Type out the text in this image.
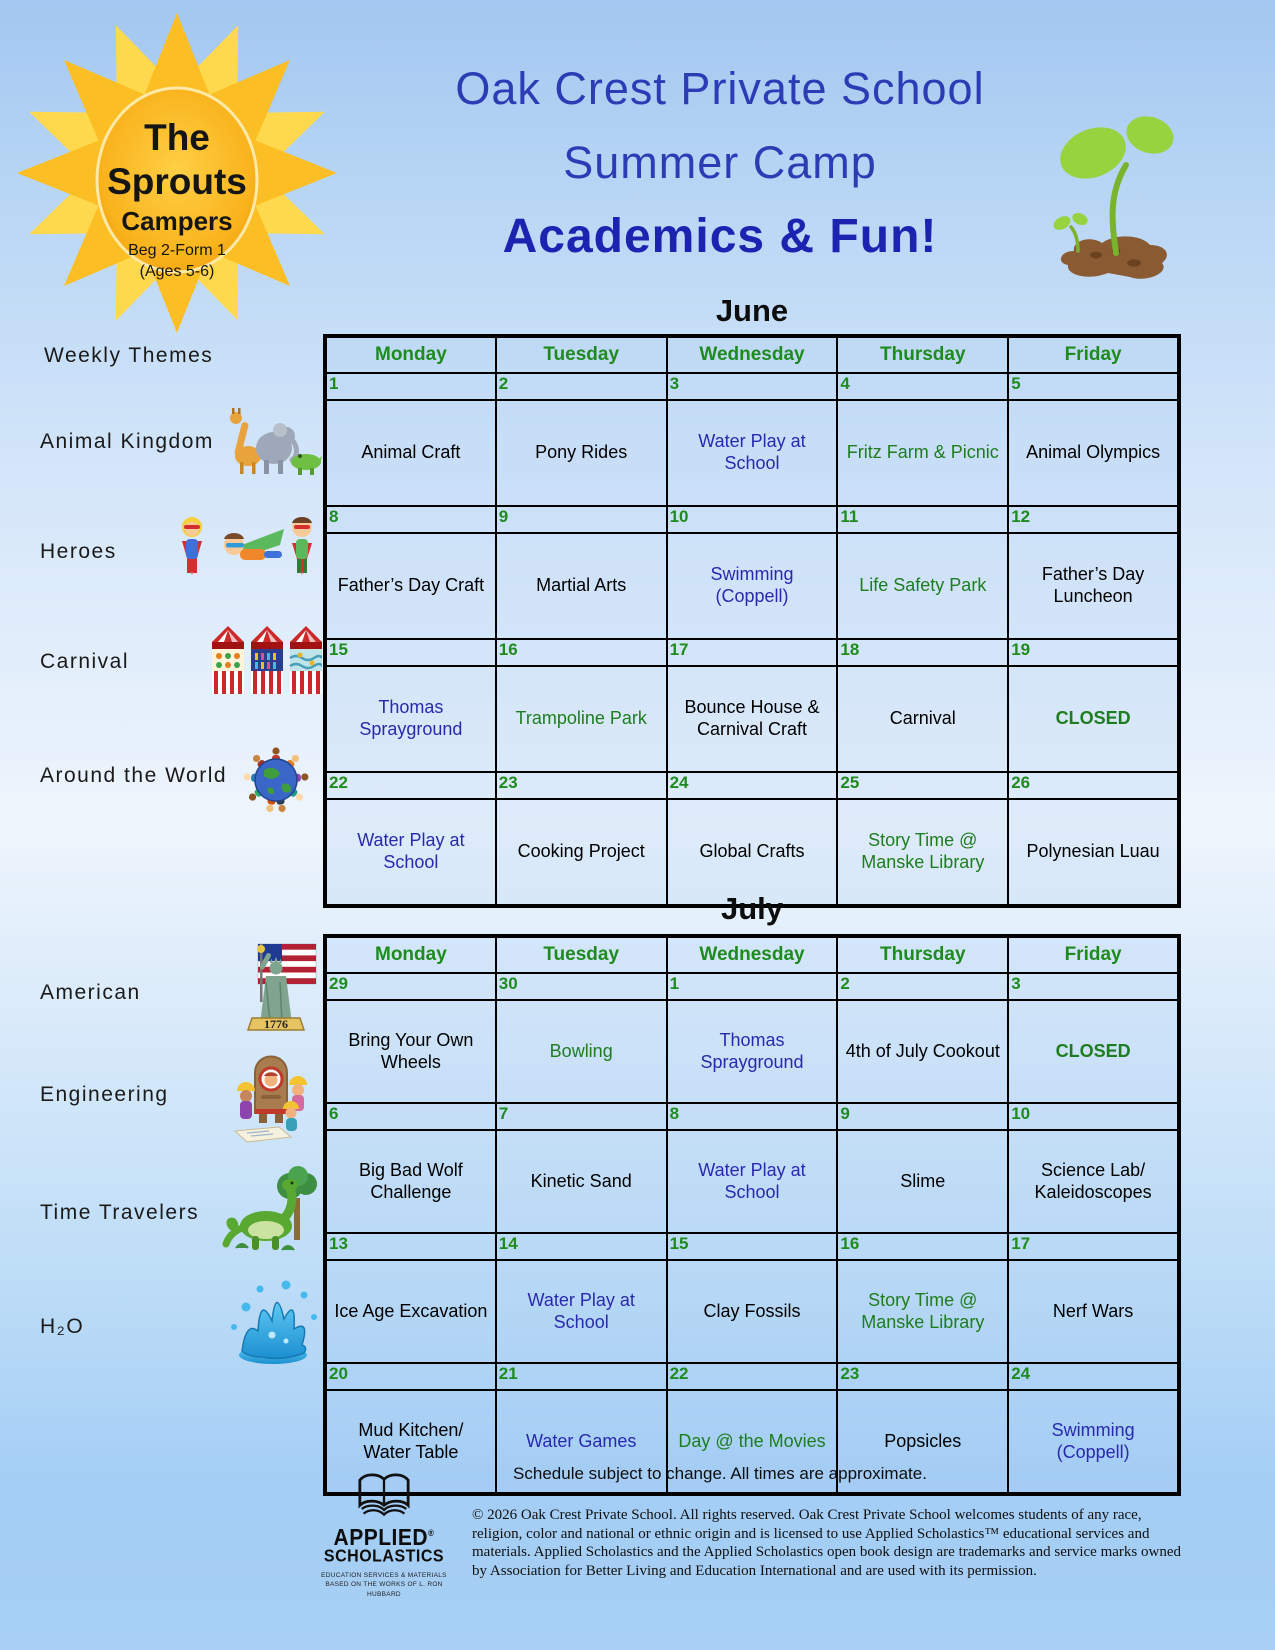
The
Sprouts
Campers
Beg 2-Form 1
(Ages 5-6)
Oak Crest Private School
Summer Camp
Academics & Fun!
Weekly Themes
Animal Kingdom
Heroes
Carnival
Around the World
American
1776
Engineering
Time Travelers
H₂O
June
Monday	Tuesday	Wednesday	Thursday	Friday
1	2	3	4	5
Animal Craft	Pony Rides	Water Play at School	Fritz Farm & Picnic	Animal Olympics
8	9	10	11	12
Father’s Day Craft	Martial Arts	Swimming (Coppell)	Life Safety Park	Father’s Day Luncheon
15	16	17	18	19
Thomas Sprayground	Trampoline Park	Bounce House & Carnival Craft	Carnival	CLOSED
22	23	24	25	26
Water Play at School	Cooking Project	Global Crafts	Story Time @ Manske Library	Polynesian Luau
July
Monday	Tuesday	Wednesday	Thursday	Friday
29	30	1	2	3
Bring Your Own Wheels	Bowling	Thomas Sprayground	4th of July Cookout	CLOSED
6	7	8	9	10
Big Bad Wolf Challenge	Kinetic Sand	Water Play at School	Slime	Science Lab/ Kaleidoscopes
13	14	15	16	17
Ice Age Excavation	Water Play at School	Clay Fossils	Story Time @ Manske Library	Nerf Wars
20	21	22	23	24
Mud Kitchen/ Water Table	Water Games	Day @ the Movies	Popsicles	Swimming (Coppell)
Schedule subject to change. All times are approximate.
APPLIED®
SCHOLASTICS
EDUCATION SERVICES & MATERIALS
BASED ON THE WORKS OF L. RON HUBBARD
© 2026 Oak Crest Private School. All rights reserved. Oak Crest Private School welcomes students of any race, religion, color and national or ethnic origin and is licensed to use Applied Scholastics™ educational services and materials. Applied Scholastics and the Applied Scholastics open book design are trademarks and service marks owned by Association for Better Living and Education International and are used with its permission.
